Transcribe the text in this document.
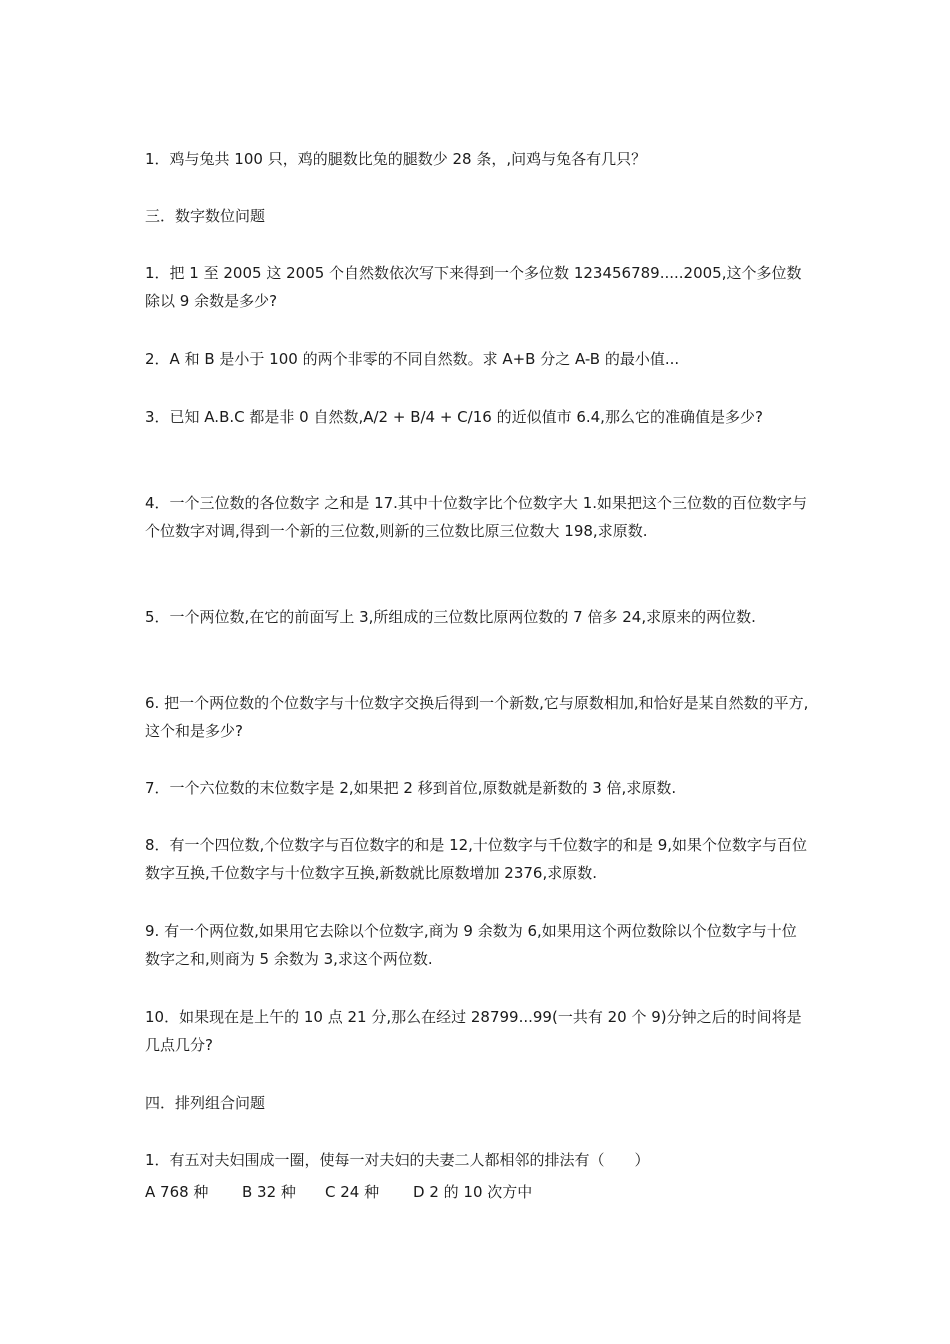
1．鸡与兔共 100 只，鸡的腿数比兔的腿数少 28 条，,问鸡与兔各有几只？

三．数字数位问题

1．把 1 至 2005 这 2005 个自然数依次写下来得到一个多位数 123456789.....2005,这个多位数除以 9 余数是多少?

2．A 和 B 是小于 100 的两个非零的不同自然数。求 A+B 分之 A-B 的最小值...

3．已知 A.B.C 都是非 0 自然数,A/2 + B/4 + C/16 的近似值市 6.4,那么它的准确值是多少?

4．一个三位数的各位数字 之和是 17.其中十位数字比个位数字大 1.如果把这个三位数的百位数字与个位数字对调,得到一个新的三位数,则新的三位数比原三位数大 198,求原数.

5．一个两位数,在它的前面写上 3,所组成的三位数比原两位数的 7 倍多 24,求原来的两位数.

6. 把一个两位数的个位数字与十位数字交换后得到一个新数,它与原数相加,和恰好是某自然数的平方,这个和是多少?

7．一个六位数的末位数字是 2,如果把 2 移到首位,原数就是新数的 3 倍,求原数.

8．有一个四位数,个位数字与百位数字的和是 12,十位数字与千位数字的和是 9,如果个位数字与百位数字互换,千位数字与十位数字互换,新数就比原数增加 2376,求原数.

9. 有一个两位数,如果用它去除以个位数字,商为 9 余数为 6,如果用这个两位数除以个位数字与十位数字之和,则商为 5 余数为 3,求这个两位数.

10．如果现在是上午的 10 点 21 分,那么在经过 28799...99(一共有 20 个 9)分钟之后的时间将是几点几分?

四．排列组合问题

1．有五对夫妇围成一圈，使每一对夫妇的夫妻二人都相邻的排法有（　　）

A 768 种	B 32 种	C 24 种	D 2 的 10 次方中
